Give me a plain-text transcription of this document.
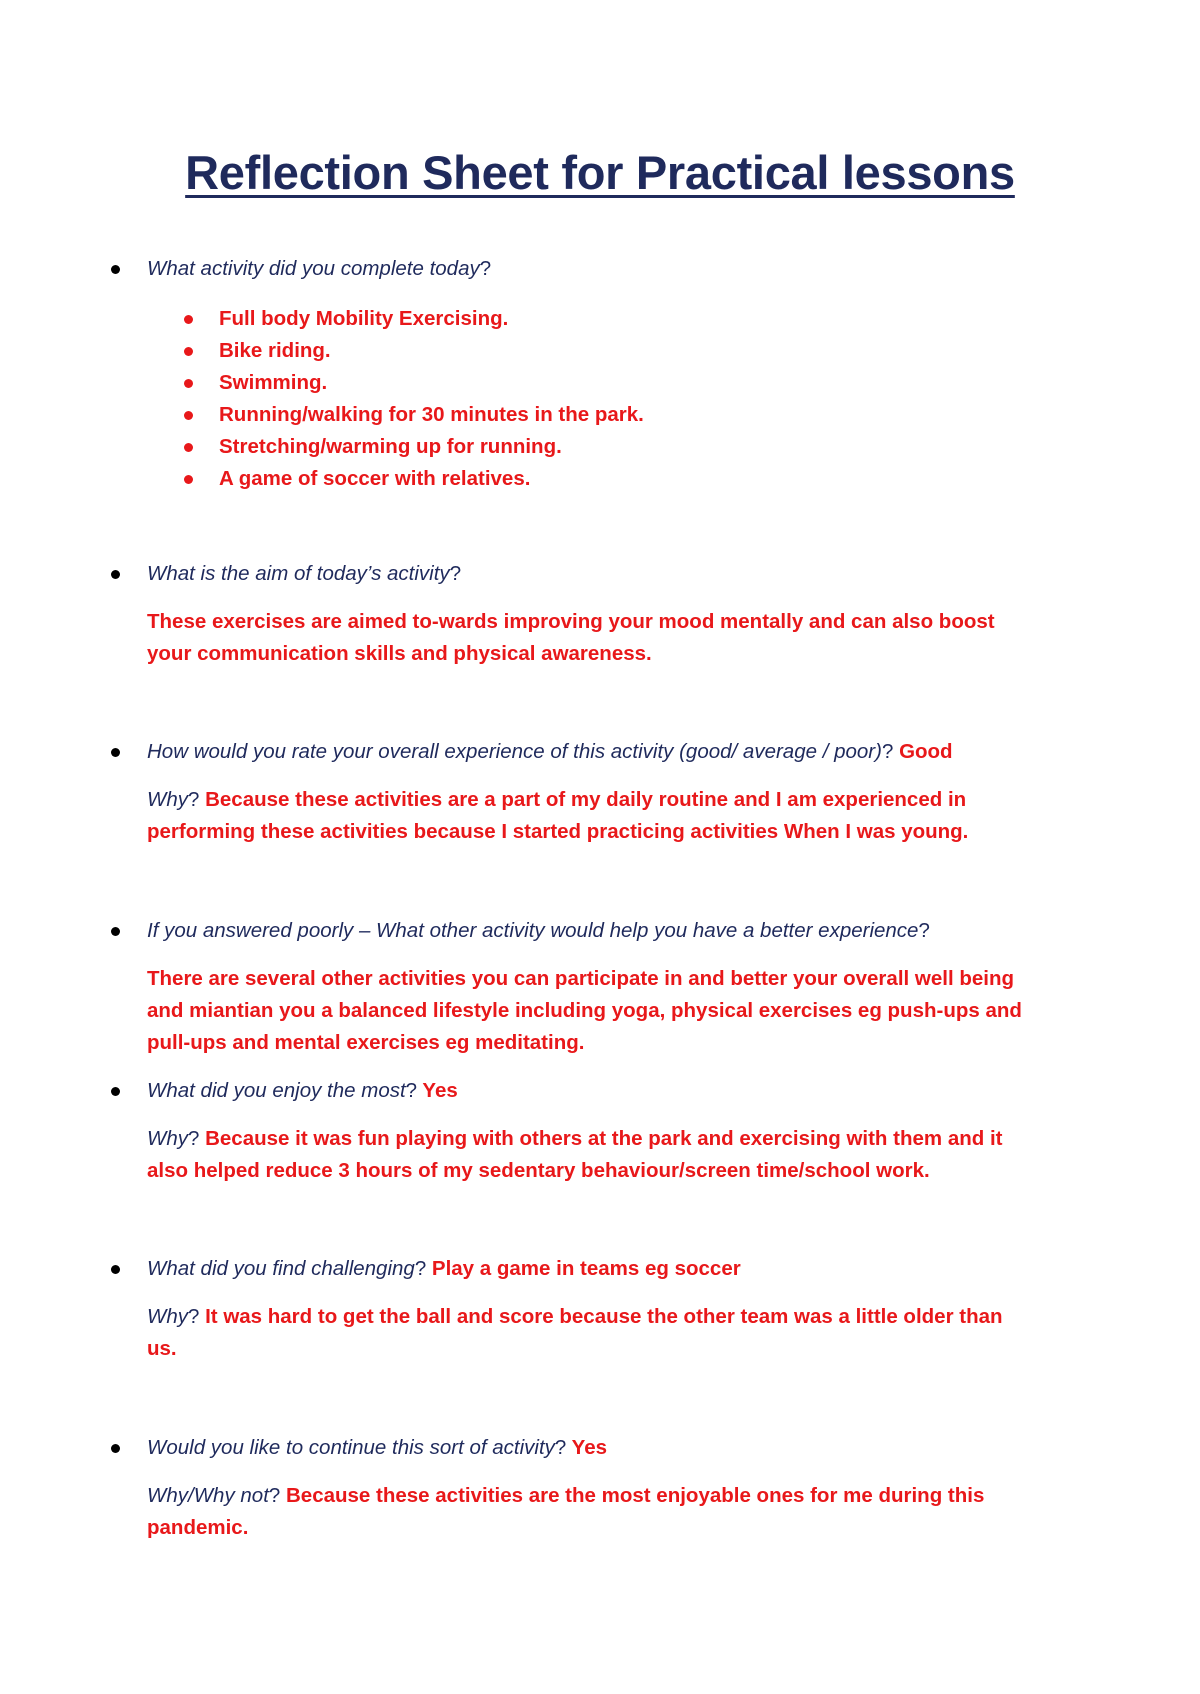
Reflection Sheet for Practical lessons
What activity did you complete today?
Full body Mobility Exercising.
Bike riding.
Swimming.
Running/walking for 30 minutes in the park.
Stretching/warming up for running.
A game of soccer with relatives.
What is the aim of today’s activity?
These exercises are aimed to-wards improving your mood mentally and can also boost
your communication skills and physical awareness.
How would you rate your overall experience of this activity (good/ average / poor)? Good
Why? Because these activities are a part of my daily routine and I am experienced in
performing these activities because I started practicing activities When I was young.
If you answered poorly – What other activity would help you have a better experience?
There are several other activities you can participate in and better your overall well being
and miantian you a balanced lifestyle including yoga, physical exercises eg push-ups and
pull-ups and mental exercises eg meditating.
What did you enjoy the most? Yes
Why? Because it was fun playing with others at the park and exercising with them and it
also helped reduce 3 hours of my sedentary behaviour/screen time/school work.
What did you find challenging? Play a game in teams eg soccer
Why? It was hard to get the ball and score because the other team was a little older than
us.
Would you like to continue this sort of activity? Yes
Why/Why not? Because these activities are the most enjoyable ones for me during this
pandemic.
